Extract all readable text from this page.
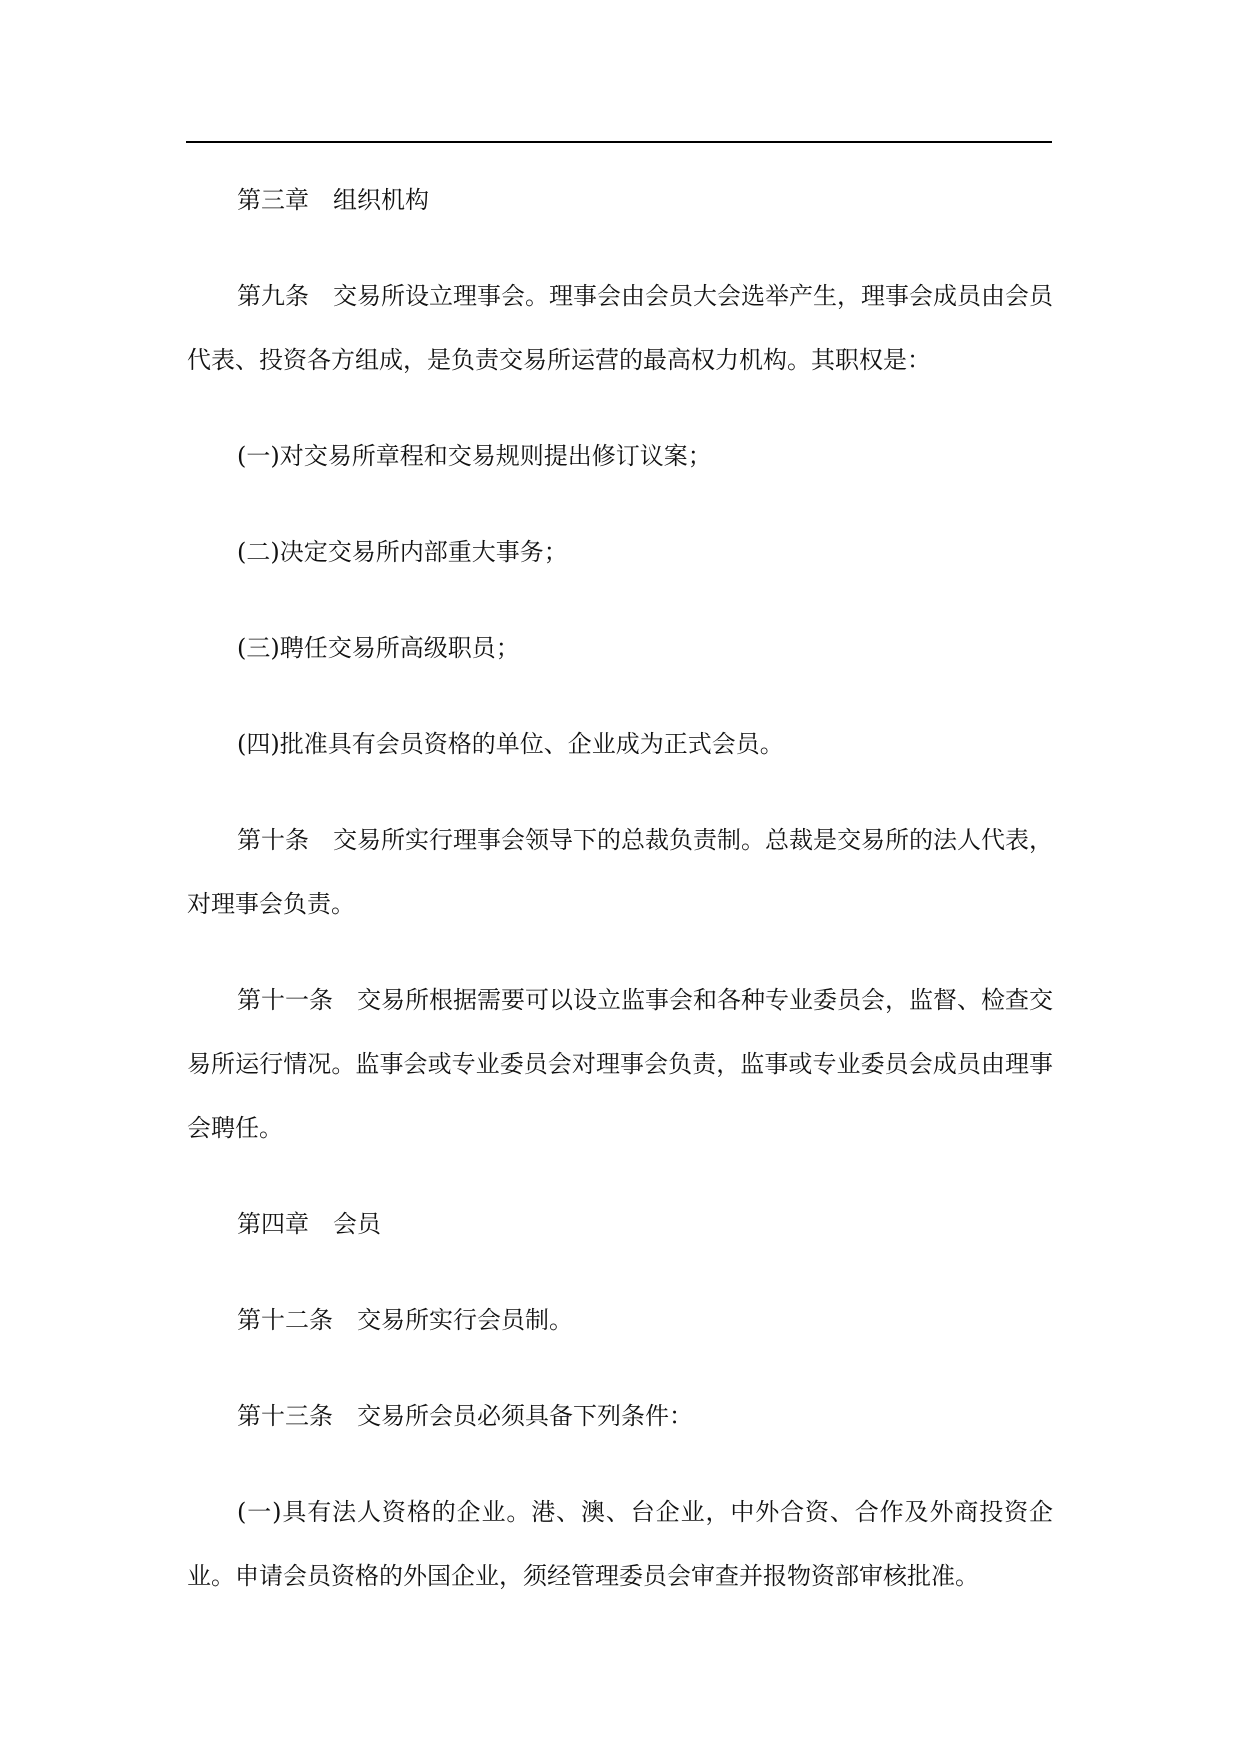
第三章　组织机构

第九条　交易所设立理事会。理事会由会员大会选举产生，理事会成员由会员代表、投资各方组成，是负责交易所运营的最高权力机构。其职权是：

(一)对交易所章程和交易规则提出修订议案；

(二)决定交易所内部重大事务；

(三)聘任交易所高级职员；

(四)批准具有会员资格的单位、企业成为正式会员。

第十条　交易所实行理事会领导下的总裁负责制。总裁是交易所的法人代表，对理事会负责。

第十一条　交易所根据需要可以设立监事会和各种专业委员会，监督、检查交易所运行情况。监事会或专业委员会对理事会负责，监事或专业委员会成员由理事会聘任。

第四章　会员

第十二条　交易所实行会员制。

第十三条　交易所会员必须具备下列条件：

(一)具有法人资格的企业。港、澳、台企业，中外合资、合作及外商投资企业。申请会员资格的外国企业，须经管理委员会审查并报物资部审核批准。
